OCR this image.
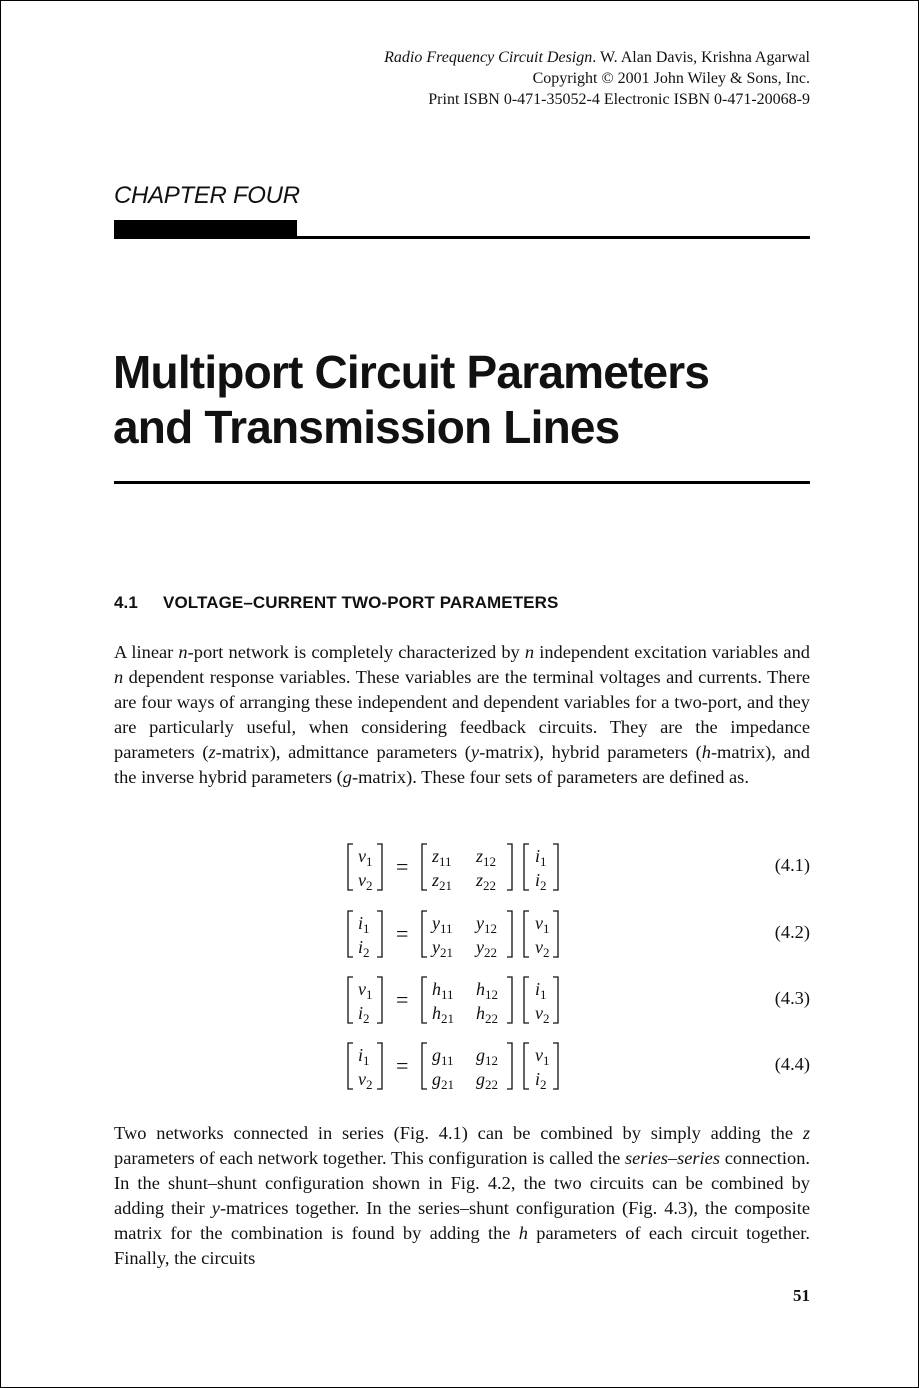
Radio Frequency Circuit Design. W. Alan Davis, Krishna Agarwal
Copyright © 2001 John Wiley & Sons, Inc.
Print ISBN 0-471-35052-4 Electronic ISBN 0-471-20068-9
CHAPTER FOUR
Multiport Circuit Parameters
and Transmission Lines
4.1 VOLTAGE–CURRENT TWO-PORT PARAMETERS

A linear n-port network is completely characterized by n independent excitation variables and n dependent response variables. These variables are the terminal voltages and currents. There are four ways of arranging these independent and dependent variables for a two-port, and they are particularly useful, when considering feedback circuits. They are the impedance parameters (z-matrix), admittance parameters (y-matrix), hybrid parameters (h-matrix), and the inverse hybrid parameters (g-matrix). These four sets of parameters are defined as.

$v_1$
$v_2$
= $z_{11}$ $z_{12}$
$z_{21}$ $z_{22}$
$i_1$
$i_2$
(4.1)
$i_1$
$i_2$
= $y_{11}$ $y_{12}$
$y_{21}$ $y_{22}$
$v_1$
$v_2$
(4.2)
$v_1$
$i_2$
= $h_{11}$ $h_{12}$
$h_{21}$ $h_{22}$
$i_1$
$v_2$
(4.3)
$i_1$
$v_2$
= $g_{11}$ $g_{12}$
$g_{21}$ $g_{22}$
$v_1$
$i_2$
(4.4)

Two networks connected in series (Fig. 4.1) can be combined by simply adding the z parameters of each network together. This configuration is called the series–series connection. In the shunt–shunt configuration shown in Fig. 4.2, the two circuits can be combined by adding their y-matrices together. In the series–shunt configuration (Fig. 4.3), the composite matrix for the combination is found by adding the h parameters of each circuit together. Finally, the circuits

51
